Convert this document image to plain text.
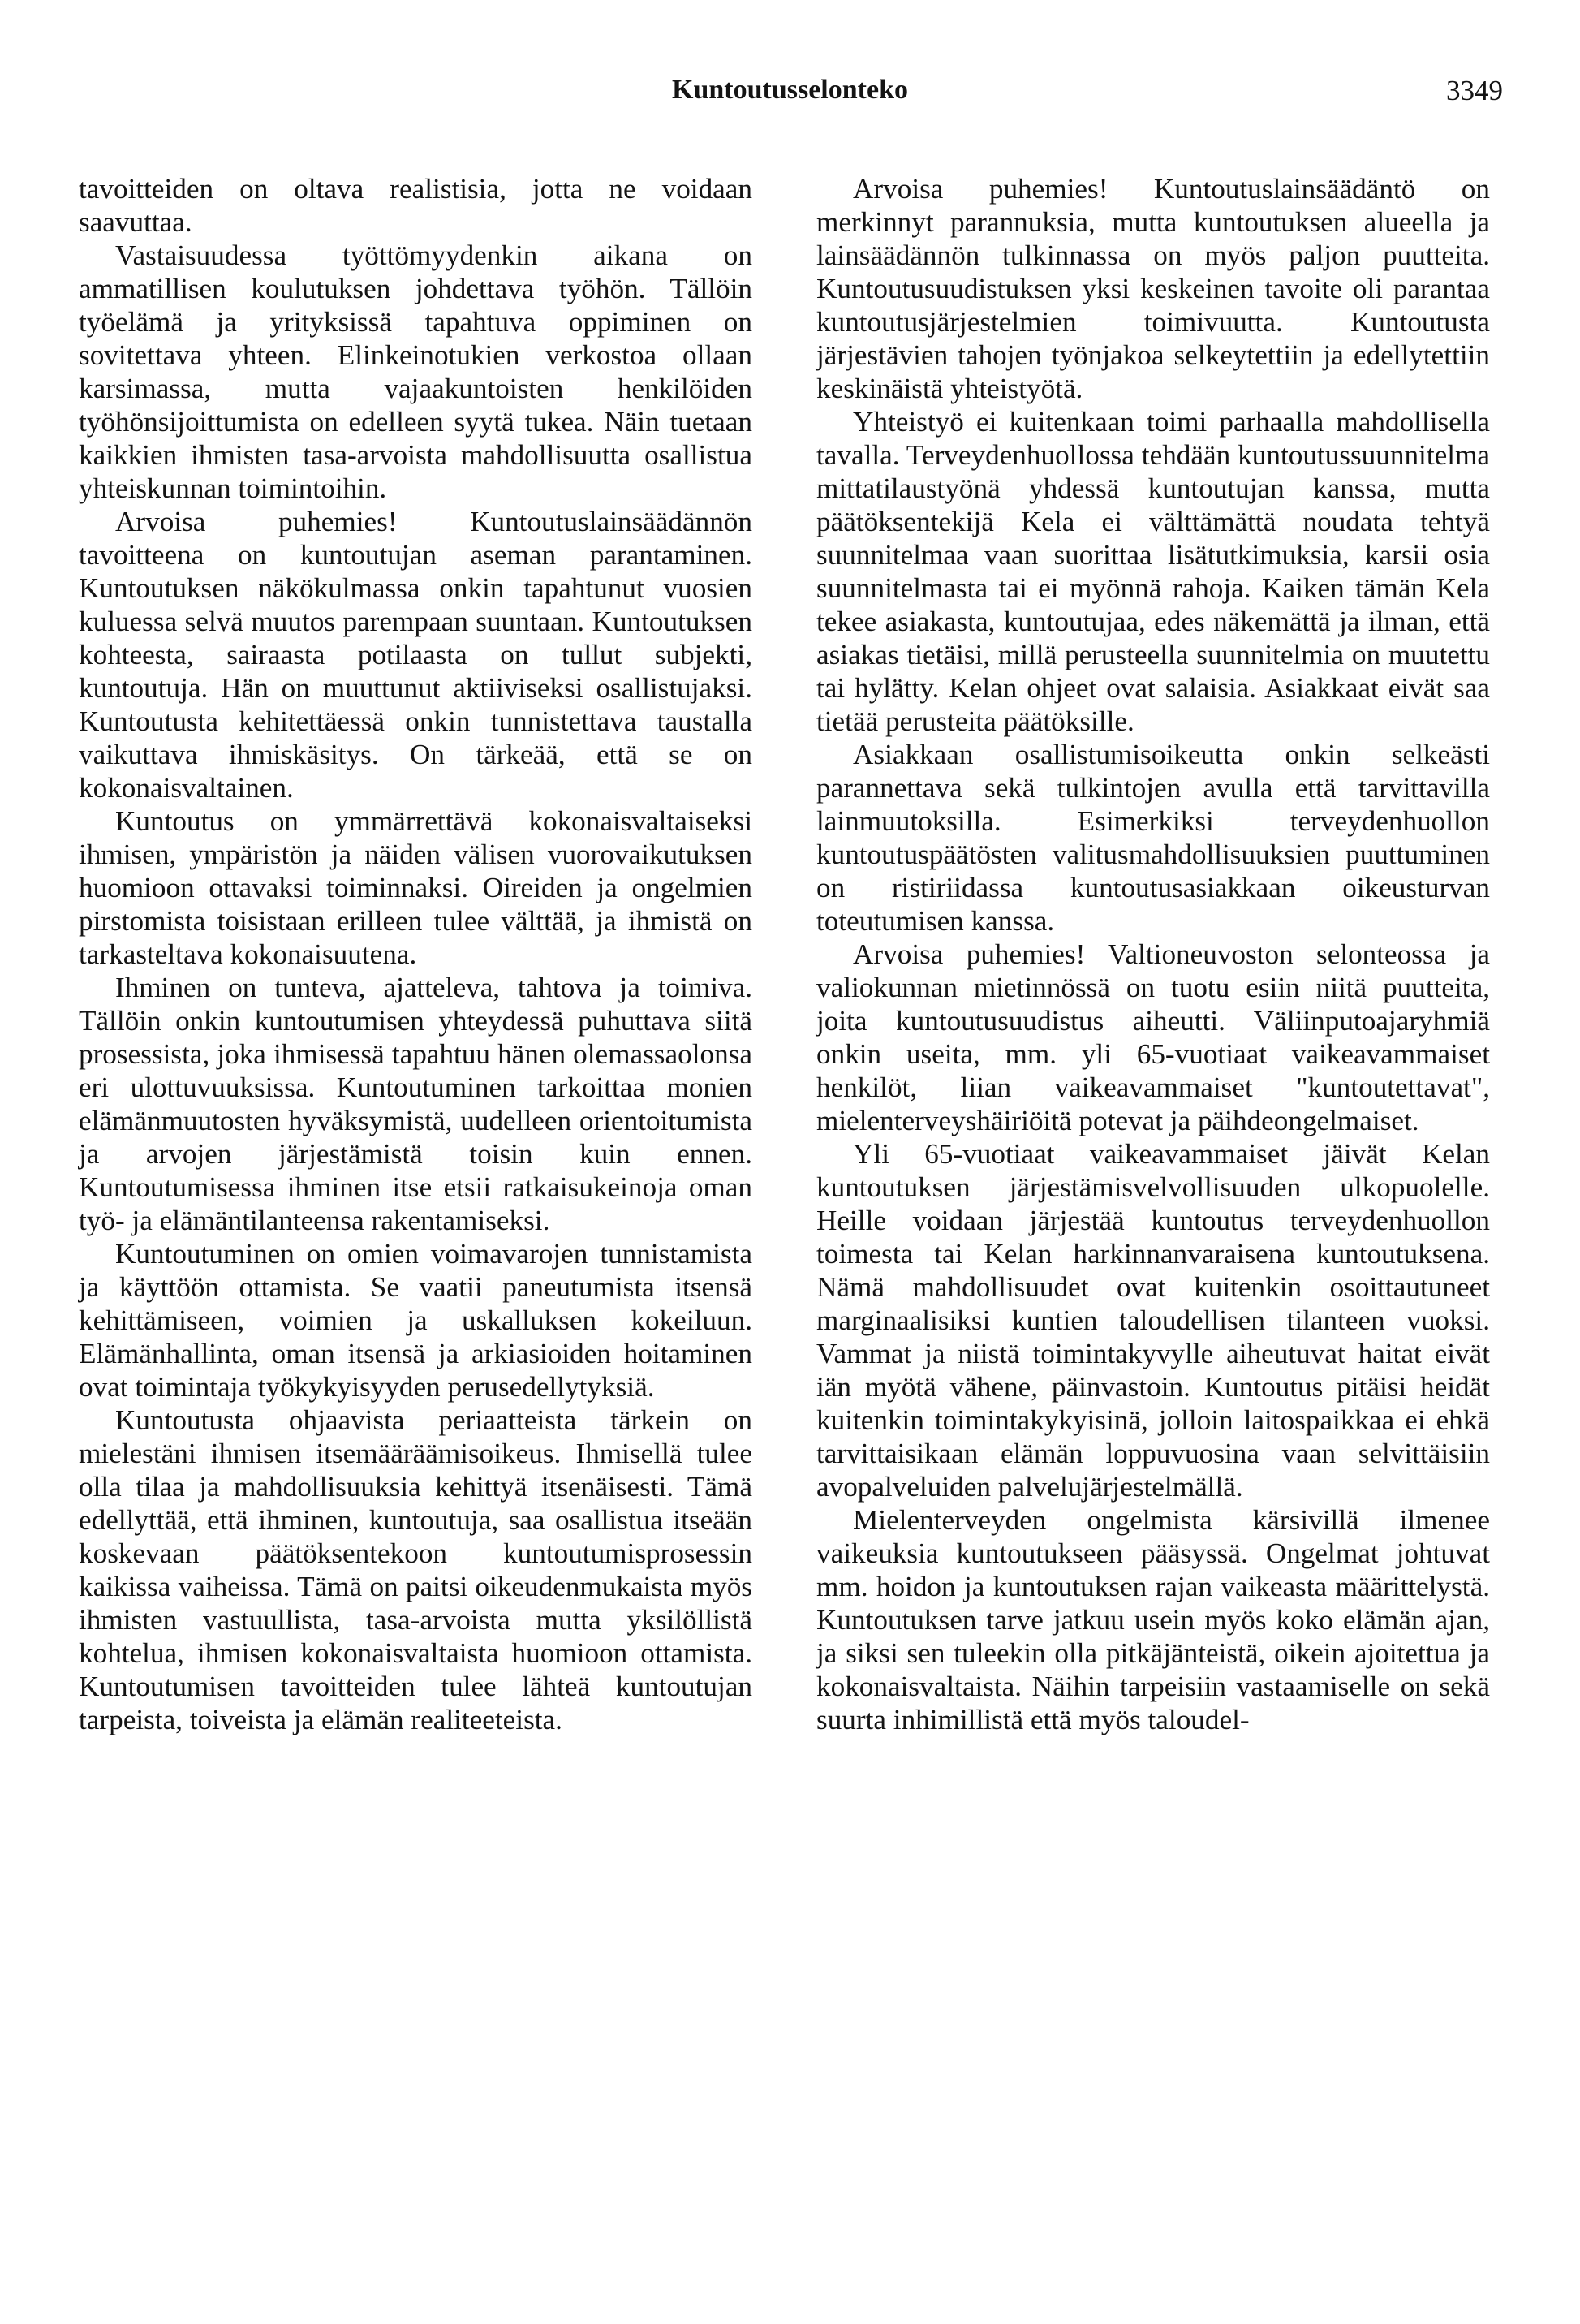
Kuntoutusselonteko	3349

tavoitteiden on oltava realistisia, jotta ne voidaan saavuttaa.

Vastaisuudessa työttömyydenkin aikana on ammatillisen koulutuksen johdettava työhön. Tällöin työelämä ja yrityksissä tapahtuva oppiminen on sovitettava yhteen. Elinkeinotukien verkostoa ollaan karsimassa, mutta vajaakuntoisten henkilöiden työhönsijoittumista on edelleen syytä tukea. Näin tuetaan kaikkien ihmisten tasa-arvoista mahdollisuutta osallistua yhteiskunnan toimintoihin.

Arvoisa puhemies! Kuntoutuslainsäädännön tavoitteena on kuntoutujan aseman parantaminen. Kuntoutuksen näkökulmassa onkin tapahtunut vuosien kuluessa selvä muutos parempaan suuntaan. Kuntoutuksen kohteesta, sairaasta potilaasta on tullut subjekti, kuntoutuja. Hän on muuttunut aktiiviseksi osallistujaksi. Kuntoutusta kehitettäessä onkin tunnistettava taustalla vaikuttava ihmiskäsitys. On tärkeää, että se on kokonaisvaltainen.

Kuntoutus on ymmärrettävä kokonaisvaltaiseksi ihmisen, ympäristön ja näiden välisen vuorovaikutuksen huomioon ottavaksi toiminnaksi. Oireiden ja ongelmien pirstomista toisistaan erilleen tulee välttää, ja ihmistä on tarkasteltava kokonaisuutena.

Ihminen on tunteva, ajatteleva, tahtova ja toimiva. Tällöin onkin kuntoutumisen yhteydessä puhuttava siitä prosessista, joka ihmisessä tapahtuu hänen olemassaolonsa eri ulottuvuuksissa. Kuntoutuminen tarkoittaa monien elämänmuutosten hyväksymistä, uudelleen orientoitumista ja arvojen järjestämistä toisin kuin ennen. Kuntoutumisessa ihminen itse etsii ratkaisukeinoja oman työ- ja elämäntilanteensa rakentamiseksi.

Kuntoutuminen on omien voimavarojen tunnistamista ja käyttöön ottamista. Se vaatii paneutumista itsensä kehittämiseen, voimien ja uskalluksen kokeiluun. Elämänhallinta, oman itsensä ja arkiasioiden hoitaminen ovat toimintaja työkykyisyyden perusedellytyksiä.

Kuntoutusta ohjaavista periaatteista tärkein on mielestäni ihmisen itsemääräämisoikeus. Ihmisellä tulee olla tilaa ja mahdollisuuksia kehittyä itsenäisesti. Tämä edellyttää, että ihminen, kuntoutuja, saa osallistua itseään koskevaan päätöksentekoon kuntoutumisprosessin kaikissa vaiheissa. Tämä on paitsi oikeudenmukaista myös ihmisten vastuullista, tasa-arvoista mutta yksilöllistä kohtelua, ihmisen kokonaisvaltaista huomioon ottamista. Kuntoutumisen tavoitteiden tulee lähteä kuntoutujan tarpeista, toiveista ja elämän realiteeteista.

Arvoisa puhemies! Kuntoutuslainsäädäntö on merkinnyt parannuksia, mutta kuntoutuksen alueella ja lainsäädännön tulkinnassa on myös paljon puutteita. Kuntoutusuudistuksen yksi keskeinen tavoite oli parantaa kuntoutusjärjestelmien toimivuutta. Kuntoutusta järjestävien tahojen työnjakoa selkeytettiin ja edellytettiin keskinäistä yhteistyötä.

Yhteistyö ei kuitenkaan toimi parhaalla mahdollisella tavalla. Terveydenhuollossa tehdään kuntoutussuunnitelma mittatilaustyönä yhdessä kuntoutujan kanssa, mutta päätöksentekijä Kela ei välttämättä noudata tehtyä suunnitelmaa vaan suorittaa lisätutkimuksia, karsii osia suunnitelmasta tai ei myönnä rahoja. Kaiken tämän Kela tekee asiakasta, kuntoutujaa, edes näkemättä ja ilman, että asiakas tietäisi, millä perusteella suunnitelmia on muutettu tai hylätty. Kelan ohjeet ovat salaisia. Asiakkaat eivät saa tietää perusteita päätöksille.

Asiakkaan osallistumisoikeutta onkin selkeästi parannettava sekä tulkintojen avulla että tarvittavilla lainmuutoksilla. Esimerkiksi terveydenhuollon kuntoutuspäätösten valitusmahdollisuuksien puuttuminen on ristiriidassa kuntoutusasiakkaan oikeusturvan toteutumisen kanssa.

Arvoisa puhemies! Valtioneuvoston selonteossa ja valiokunnan mietinnössä on tuotu esiin niitä puutteita, joita kuntoutusuudistus aiheutti. Väliinputoajaryhmiä onkin useita, mm. yli 65-vuotiaat vaikeavammaiset henkilöt, liian vaikeavammaiset "kuntoutettavat", mielenterveyshäiriöitä potevat ja päihdeongelmaiset.

Yli 65-vuotiaat vaikeavammaiset jäivät Kelan kuntoutuksen järjestämisvelvollisuuden ulkopuolelle. Heille voidaan järjestää kuntoutus terveydenhuollon toimesta tai Kelan harkinnanvaraisena kuntoutuksena. Nämä mahdollisuudet ovat kuitenkin osoittautuneet marginaalisiksi kuntien taloudellisen tilanteen vuoksi. Vammat ja niistä toimintakyvylle aiheutuvat haitat eivät iän myötä vähene, päinvastoin. Kuntoutus pitäisi heidät kuitenkin toimintakykyisinä, jolloin laitospaikkaa ei ehkä tarvittaisikaan elämän loppuvuosina vaan selvittäisiin avopalveluiden palvelujärjestelmällä.

Mielenterveyden ongelmista kärsivillä ilmenee vaikeuksia kuntoutukseen pääsyssä. Ongelmat johtuvat mm. hoidon ja kuntoutuksen rajan vaikeasta määrittelystä. Kuntoutuksen tarve jatkuu usein myös koko elämän ajan, ja siksi sen tuleekin olla pitkäjänteistä, oikein ajoitettua ja kokonaisvaltaista. Näihin tarpeisiin vastaamiselle on sekä suurta inhimillistä että myös taloudel-
